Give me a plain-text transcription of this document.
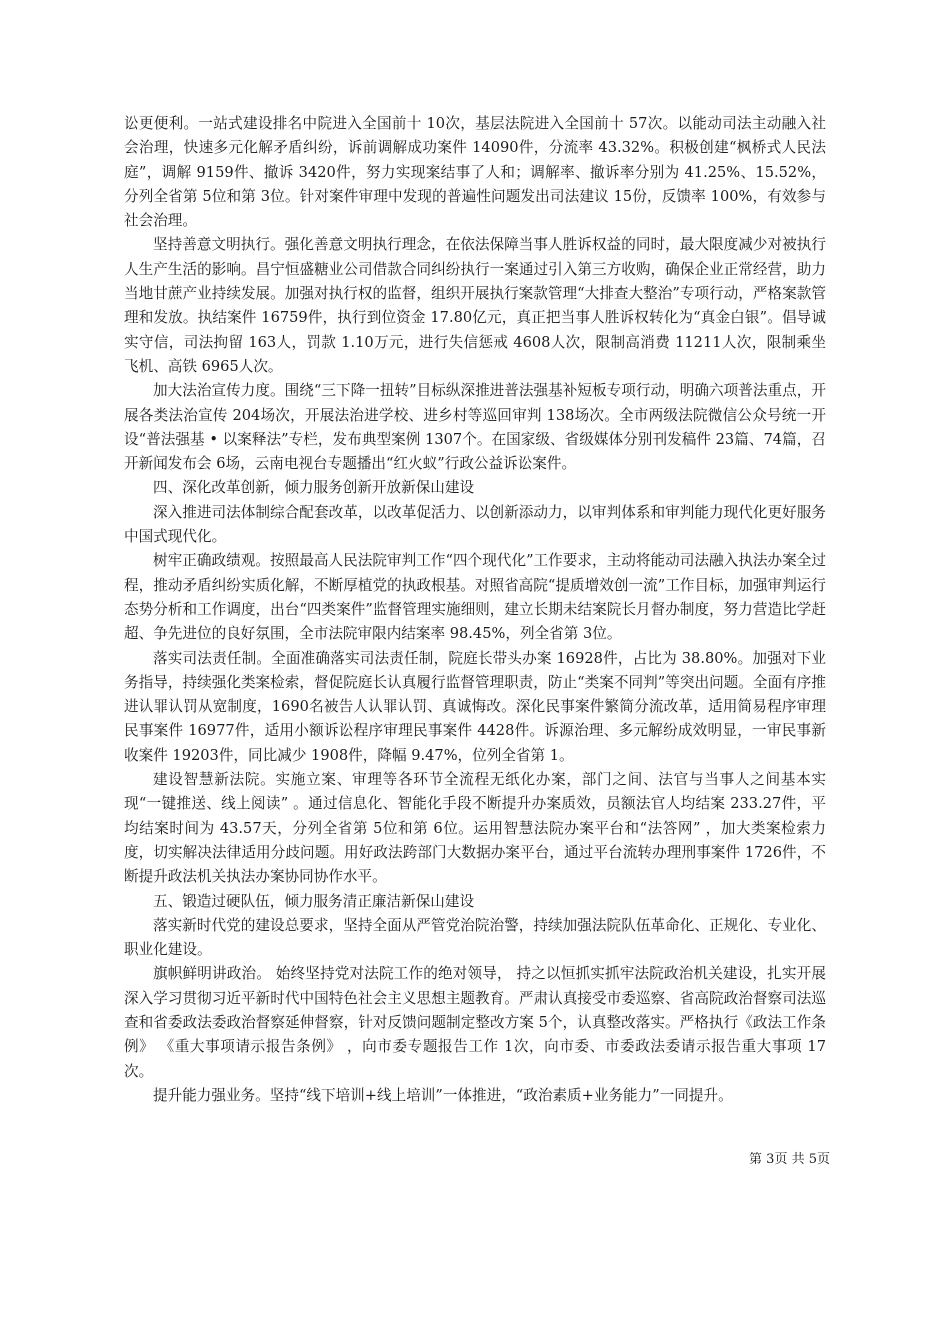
讼更便利。一站式建设排名中院进入全国前十 10次，基层法院进入全国前十 57次。以能动司法主动融入社会治理，快速多元化解矛盾纠纷，诉前调解成功案件 14090件，分流率 43.32%。积极创建“枫桥式人民法庭”，调解 9159件、撤诉 3420件，努力实现案结事了人和；调解率、撤诉率分别为 41.25%、15.52%，分列全省第 5位和第 3位。针对案件审理中发现的普遍性问题发出司法建议 15份，反馈率 100%，有效参与社会治理。

坚持善意文明执行。强化善意文明执行理念，在依法保障当事人胜诉权益的同时，最大限度减少对被执行人生产生活的影响。昌宁恒盛糖业公司借款合同纠纷执行一案通过引入第三方收购，确保企业正常经营，助力当地甘蔗产业持续发展。加强对执行权的监督，组织开展执行案款管理“大排查大整治”专项行动，严格案款管理和发放。执结案件 16759件，执行到位资金 17.80亿元，真正把当事人胜诉权转化为“真金白银”。倡导诚实守信，司法拘留 163人，罚款 1.10万元，进行失信惩戒 4608人次，限制高消费 11211人次，限制乘坐飞机、高铁 6965人次。

加大法治宣传力度。围绕“三下降一扭转”目标纵深推进普法强基补短板专项行动，明确六项普法重点，开展各类法治宣传 204场次，开展法治进学校、进乡村等巡回审判 138场次。全市两级法院微信公众号统一开设“普法强基 • 以案释法”专栏，发布典型案例 1307个。在国家级、省级媒体分别刊发稿件 23篇、74篇，召开新闻发布会 6场，云南电视台专题播出“红火蚁”行政公益诉讼案件。

四、深化改革创新，倾力服务创新开放新保山建设

深入推进司法体制综合配套改革，以改革促活力、以创新添动力，以审判体系和审判能力现代化更好服务中国式现代化。

树牢正确政绩观。按照最高人民法院审判工作“四个现代化”工作要求，主动将能动司法融入执法办案全过程，推动矛盾纠纷实质化解，不断厚植党的执政根基。对照省高院“提质增效创一流”工作目标，加强审判运行态势分析和工作调度，出台“四类案件”监督管理实施细则，建立长期未结案院长月督办制度，努力营造比学赶超、争先进位的良好氛围，全市法院审限内结案率 98.45%，列全省第 3位。

落实司法责任制。全面准确落实司法责任制，院庭长带头办案 16928件，占比为 38.80%。加强对下业务指导，持续强化类案检索，督促院庭长认真履行监督管理职责，防止“类案不同判”等突出问题。全面有序推进认罪认罚从宽制度，1690名被告人认罪认罚、真诚悔改。深化民事案件繁简分流改革，适用简易程序审理民事案件 16977件，适用小额诉讼程序审理民事案件 4428件。诉源治理、多元解纷成效明显，一审民事新收案件 19203件，同比减少 1908件，降幅 9.47%，位列全省第 1。

建设智慧新法院。实施立案、审理等各环节全流程无纸化办案，部门之间、法官与当事人之间基本实现“一键推送、线上阅读” 。通过信息化、智能化手段不断提升办案质效，员额法官人均结案 233.27件，平均结案时间为 43.57天，分列全省第 5位和第 6位。运用智慧法院办案平台和“法答网” ，加大类案检索力度，切实解决法律适用分歧问题。用好政法跨部门大数据办案平台，通过平台流转办理刑事案件 1726件，不断提升政法机关执法办案协同协作水平。

五、锻造过硬队伍，倾力服务清正廉洁新保山建设

落实新时代党的建设总要求，坚持全面从严管党治院治警，持续加强法院队伍革命化、正规化、专业化、职业化建设。

旗帜鲜明讲政治。 始终坚持党对法院工作的绝对领导， 持之以恒抓实抓牢法院政治机关建设，扎实开展深入学习贯彻习近平新时代中国特色社会主义思想主题教育。严肃认真接受市委巡察、省高院政治督察司法巡查和省委政法委政治督察延伸督察，针对反馈问题制定整改方案 5个，认真整改落实。严格执行《政法工作条例》 《重大事项请示报告条例》 ，向市委专题报告工作 1次，向市委、市委政法委请示报告重大事项 17次。

提升能力强业务。坚持“线下培训+线上培训”一体推进，“政治素质+业务能力”一同提升。

第 3页 共 5页
